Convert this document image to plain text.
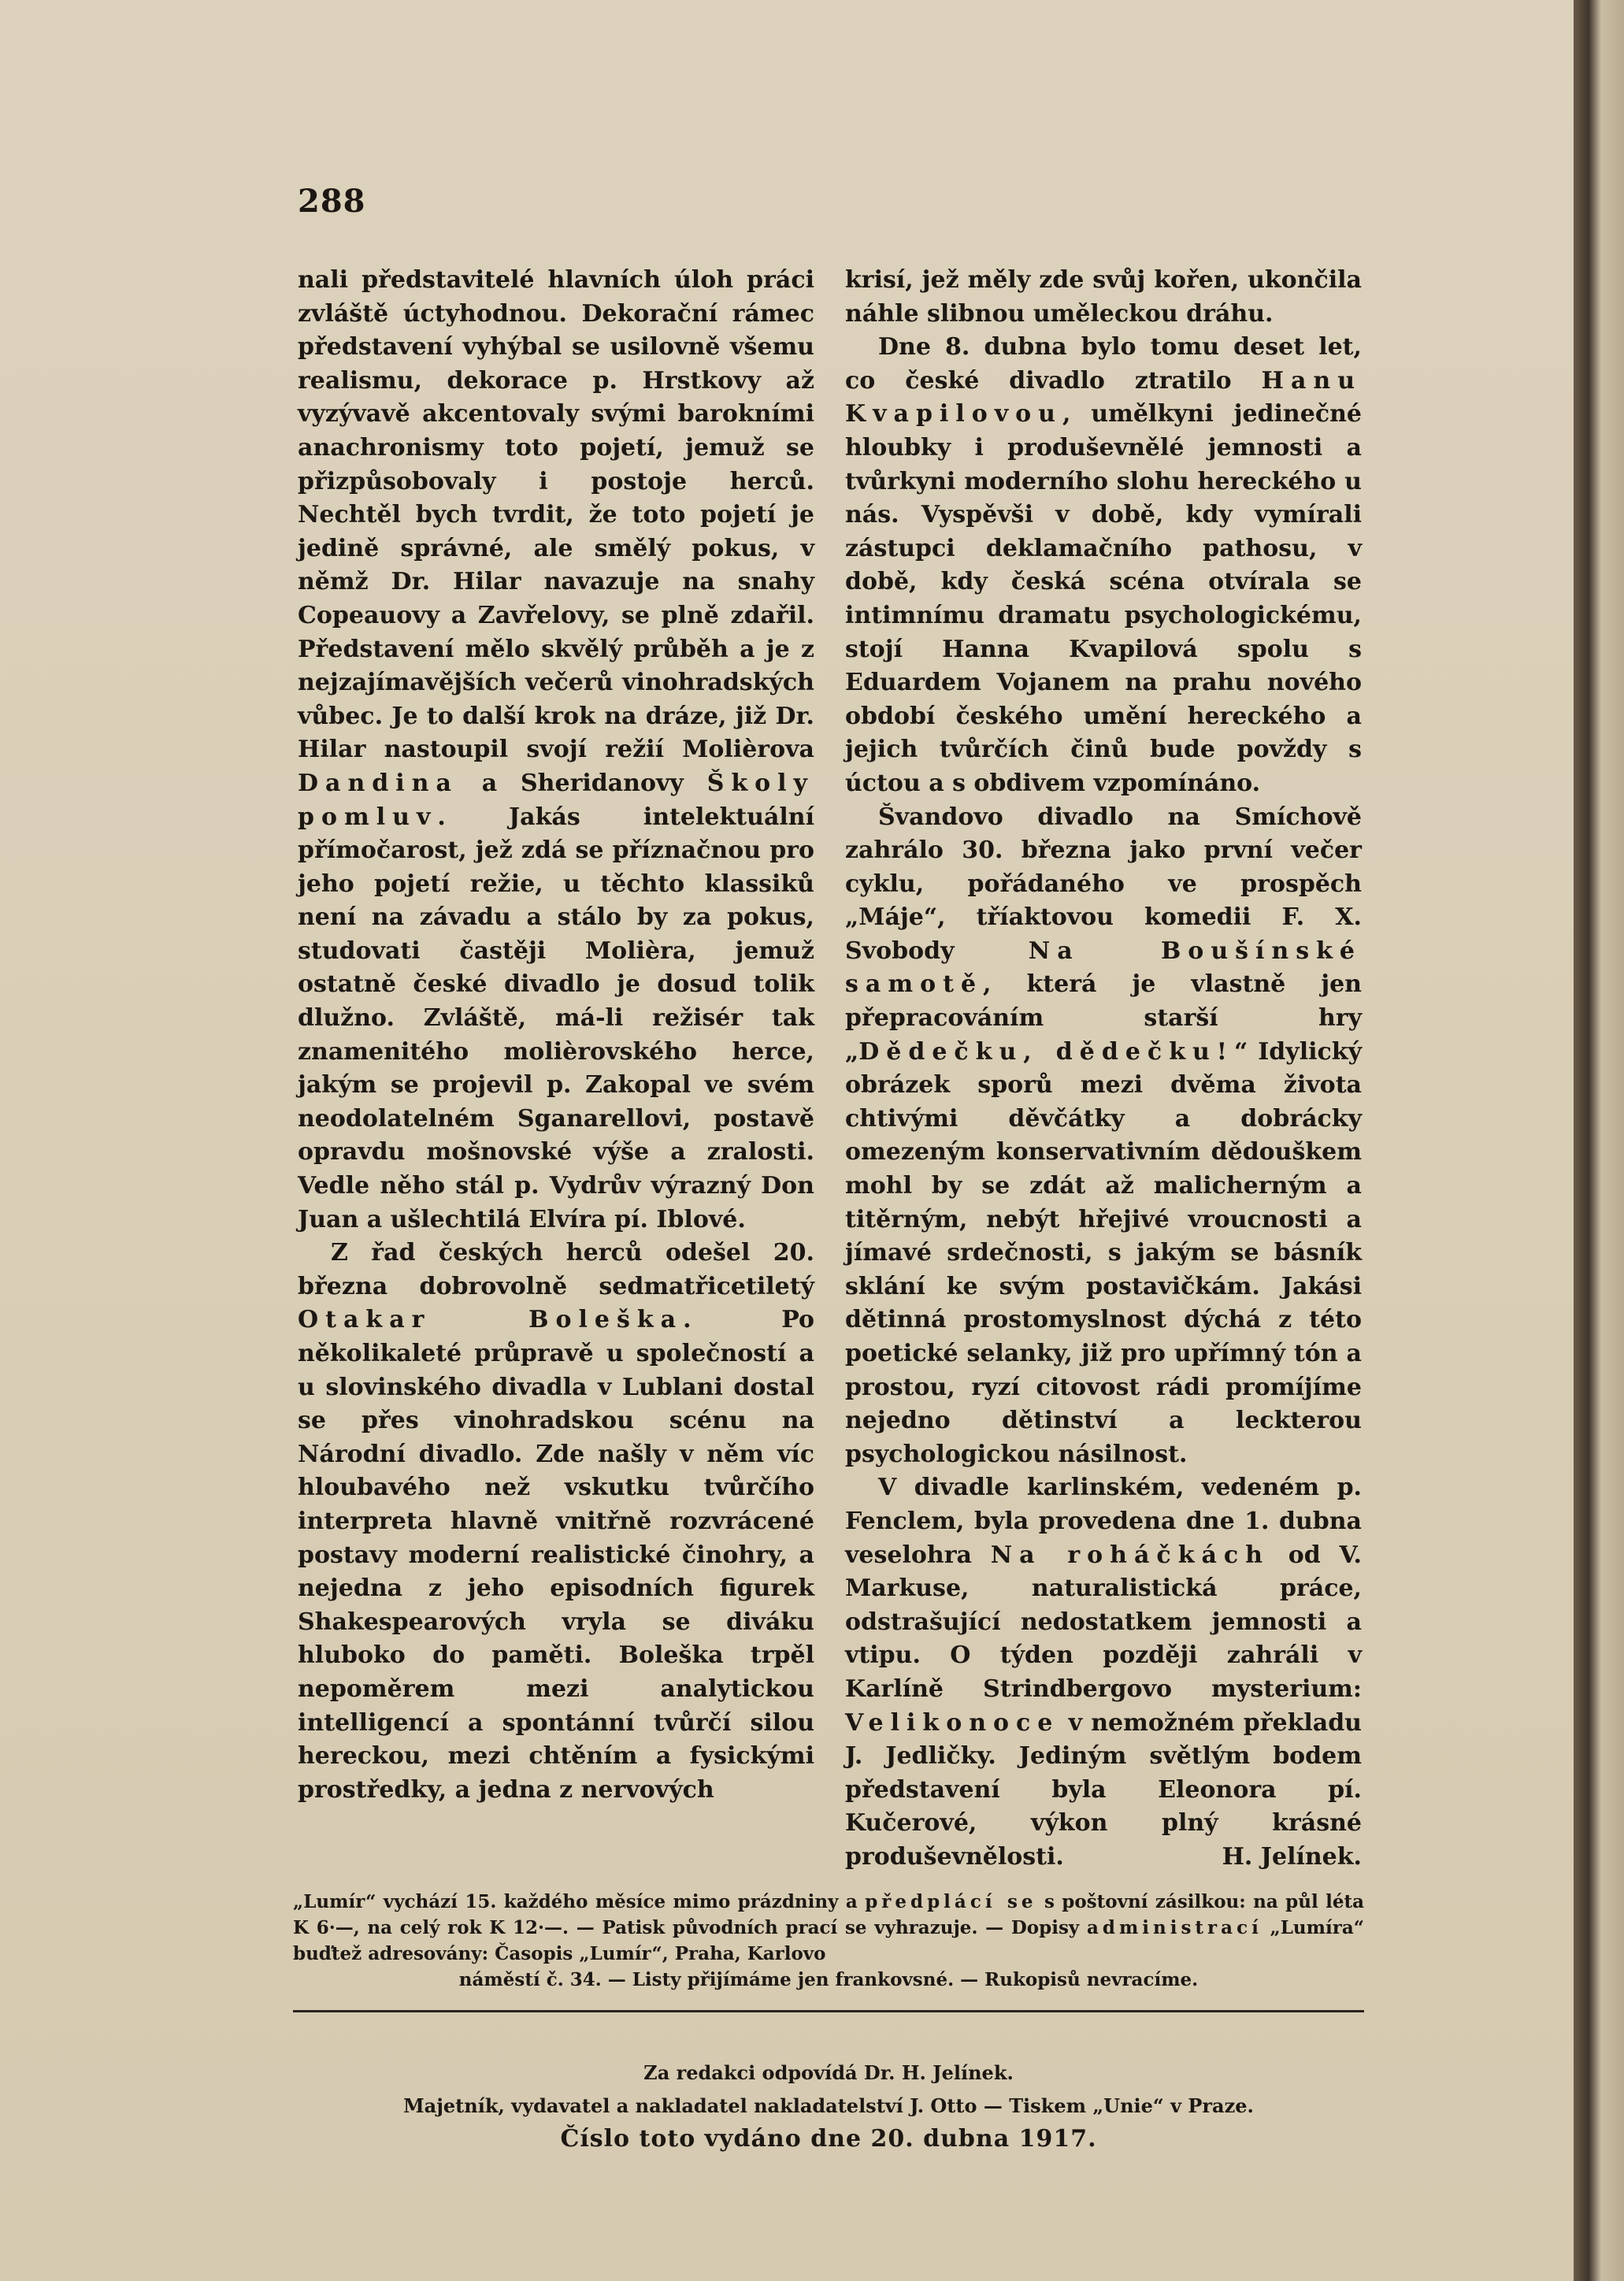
288

nali představitelé hlavních úloh práci zvláště úctyhodnou. Dekorační rámec představení vyhýbal se usilovně všemu realismu, dekorace p. Hrstkovy až vyzývavě akcentovaly svými barokními anachronismy toto pojetí, jemuž se přizpůsobovaly i postoje herců. Nechtěl bych tvrdit, že toto pojetí je jedině správné, ale smělý pokus, v němž Dr. Hilar navazuje na snahy Copeauovy a Zavřelovy, se plně zdařil. Představení mělo skvělý průběh a je z nejzajímavějších večerů vinohradských vůbec. Je to další krok na dráze, již Dr. Hilar nastoupil svojí režií Molièrova Dandina a Sheridanovy Školy pomluv. Jakás intelektuální přímočarost, jež zdá se příznačnou pro jeho pojetí režie, u těchto klassiků není na závadu a stálo by za pokus, studovati častěji Molièra, jemuž ostatně české divadlo je dosud tolik dlužno. Zvláště, má-li režisér tak znamenitého molièrovského herce, jakým se projevil p. Zakopal ve svém neodolatelném Sganarellovi, postavě opravdu mošnovské výše a zralosti. Vedle něho stál p. Vydrův výrazný Don Juan a ušlechtilá Elvíra pí. Iblové.

Z řad českých herců odešel 20. března dobrovolně sedmatřicetiletý Otakar Boleška. Po několikaleté průpravě u společností a u slovinského divadla v Lublani dostal se přes vinohradskou scénu na Národní divadlo. Zde našly v něm víc hloubavého než vskutku tvůrčího interpreta hlavně vnitřně rozvrácené postavy moderní realistické činohry, a nejedna z jeho episodních figurek Shakespearových vryla se diváku hluboko do paměti. Boleška trpěl nepoměrem mezi analytickou intelligencí a spontánní tvůrčí silou hereckou, mezi chtěním a fysickými prostředky, a jedna z nervových

krisí, jež měly zde svůj kořen, ukončila náhle slibnou uměleckou dráhu.

Dne 8. dubna bylo tomu deset let, co české divadlo ztratilo Hanu Kvapilovou, umělkyni jedinečné hloubky i produševnělé jemnosti a tvůrkyni moderního slohu hereckého u nás. Vyspěvši v době, kdy vymírali zástupci deklamačního pathosu, v době, kdy česká scéna otvírala se intimnímu dramatu psychologickému, stojí Hanna Kvapilová spolu s Eduardem Vojanem na prahu nového období českého umění hereckého a jejich tvůrčích činů bude povždy s úctou a s obdivem vzpomínáno.

Švandovo divadlo na Smíchově zahrálo 30. března jako první večer cyklu, pořádaného ve prospěch „Máje“, tříaktovou komedii F. X. Svobody Na Boušínské samotě, která je vlastně jen přepracováním starší hry „Dědečku, dědečku!“ Idylický obrázek sporů mezi dvěma života chtivými děvčátky a dobrácky omezeným konservativním dědouškem mohl by se zdát až malicherným a titěrným, nebýt hřejivé vroucnosti a jímavé srdečnosti, s jakým se básník sklání ke svým postavičkám. Jakási dětinná prostomyslnost dýchá z této poetické selanky, již pro upřímný tón a prostou, ryzí citovost rádi promíjíme nejedno dětinství a leckterou psychologickou násilnost.

V divadle karlinském, vedeném p. Fenclem, byla provedena dne 1. dubna veselohra Na roháčkách od V. Markuse, naturalistická práce, odstrašující nedostatkem jemnosti a vtipu. O týden později zahráli v Karlíně Strindbergovo mysterium: Velikonoce v nemožném překladu J. Jedličky. Jediným světlým bodem představení byla Eleonora pí. Kučerové, výkon plný krásné produševnělosti.	H. Jelínek.

„Lumír“ vychází 15. každého měsíce mimo prázdniny a předplácí se s poštovní zásilkou: na půl léta K 6·—, na celý rok K 12·—. — Patisk původních prací se vyhrazuje. — Dopisy administrací „Lumíra“ buďtež adresovány: Časopis „Lumír“, Praha, Karlovo
náměstí č. 34. — Listy přijímáme jen frankovsné. — Rukopisů nevracíme.
Za redakci odpovídá Dr. H. Jelínek.
Majetník, vydavatel a nakladatel nakladatelství J. Otto — Tiskem „Unie“ v Praze.
Číslo toto vydáno dne 20. dubna 1917.
